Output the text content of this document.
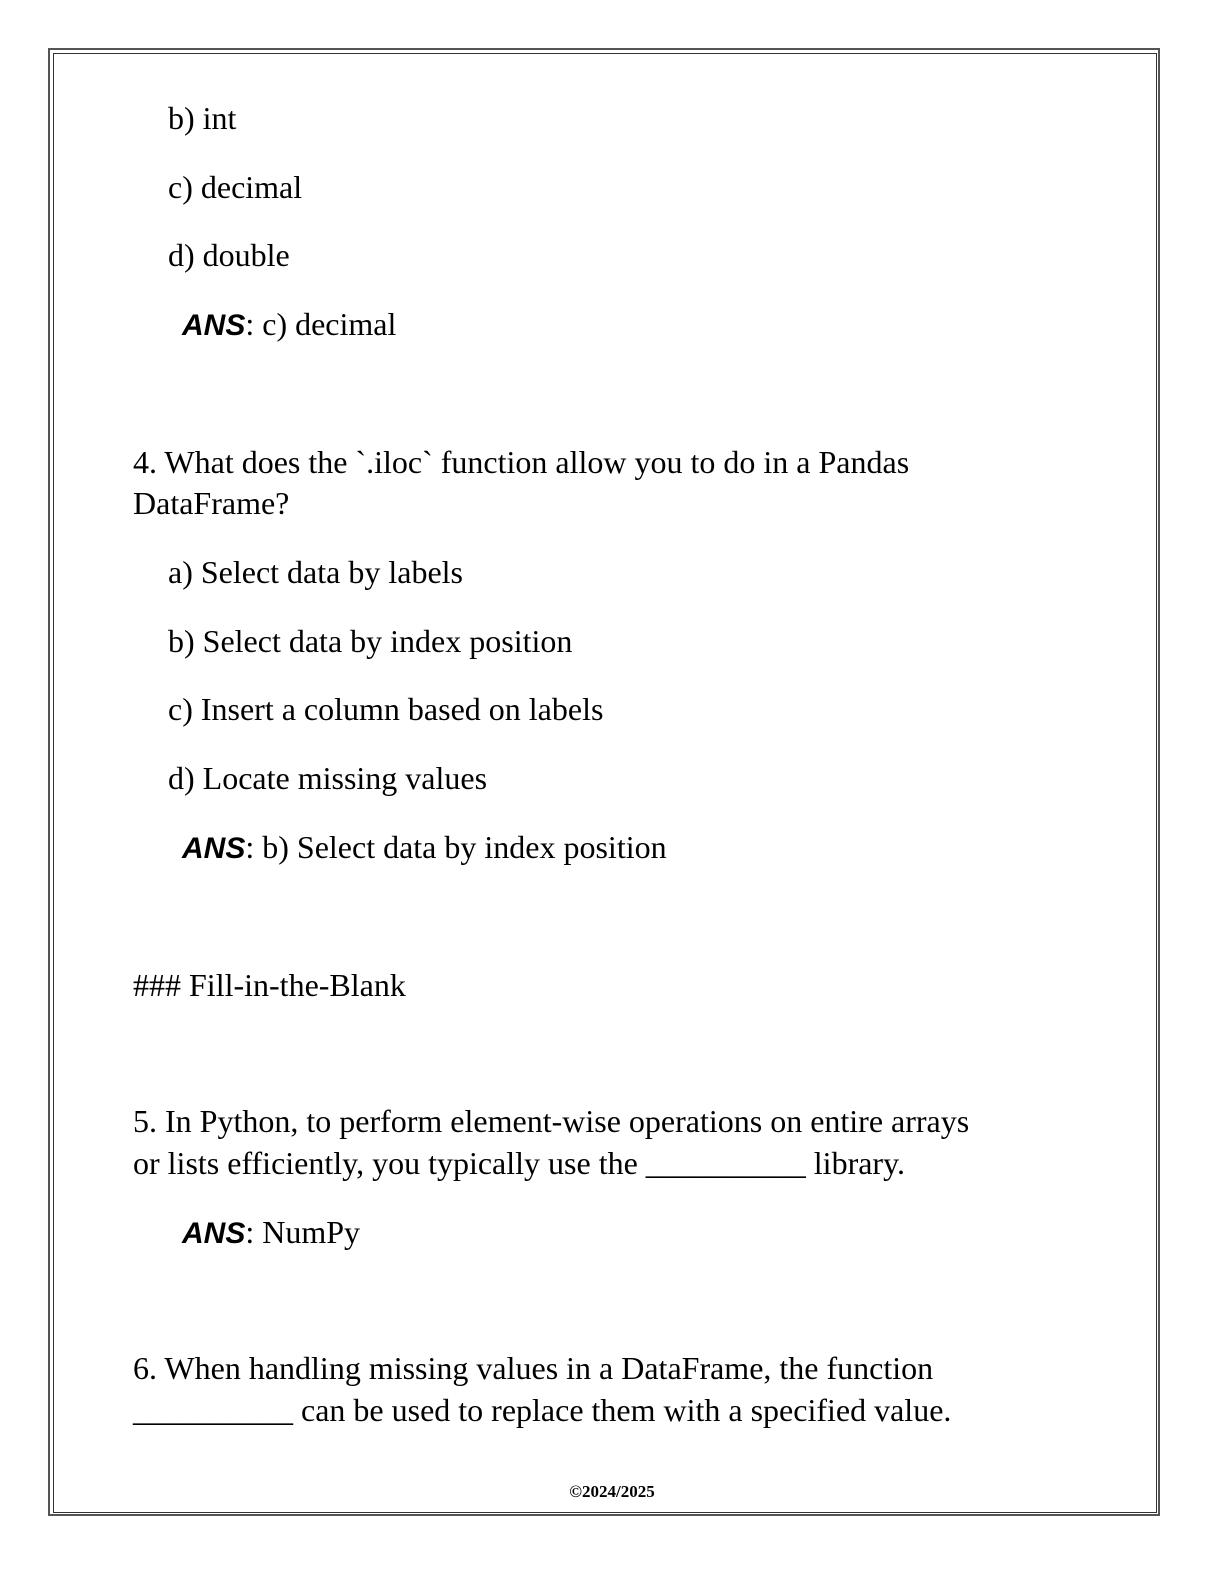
b) int
c) decimal
d) double
ANS: c) decimal
4. What does the `.iloc` function allow you to do in a Pandas
DataFrame?
a) Select data by labels
b) Select data by index position
c) Insert a column based on labels
d) Locate missing values
ANS: b) Select data by index position
### Fill-in-the-Blank
5. In Python, to perform element-wise operations on entire arrays
or lists efficiently, you typically use the __________ library.
ANS: NumPy
6. When handling missing values in a DataFrame, the function
__________ can be used to replace them with a specified value.
©2024/2025
